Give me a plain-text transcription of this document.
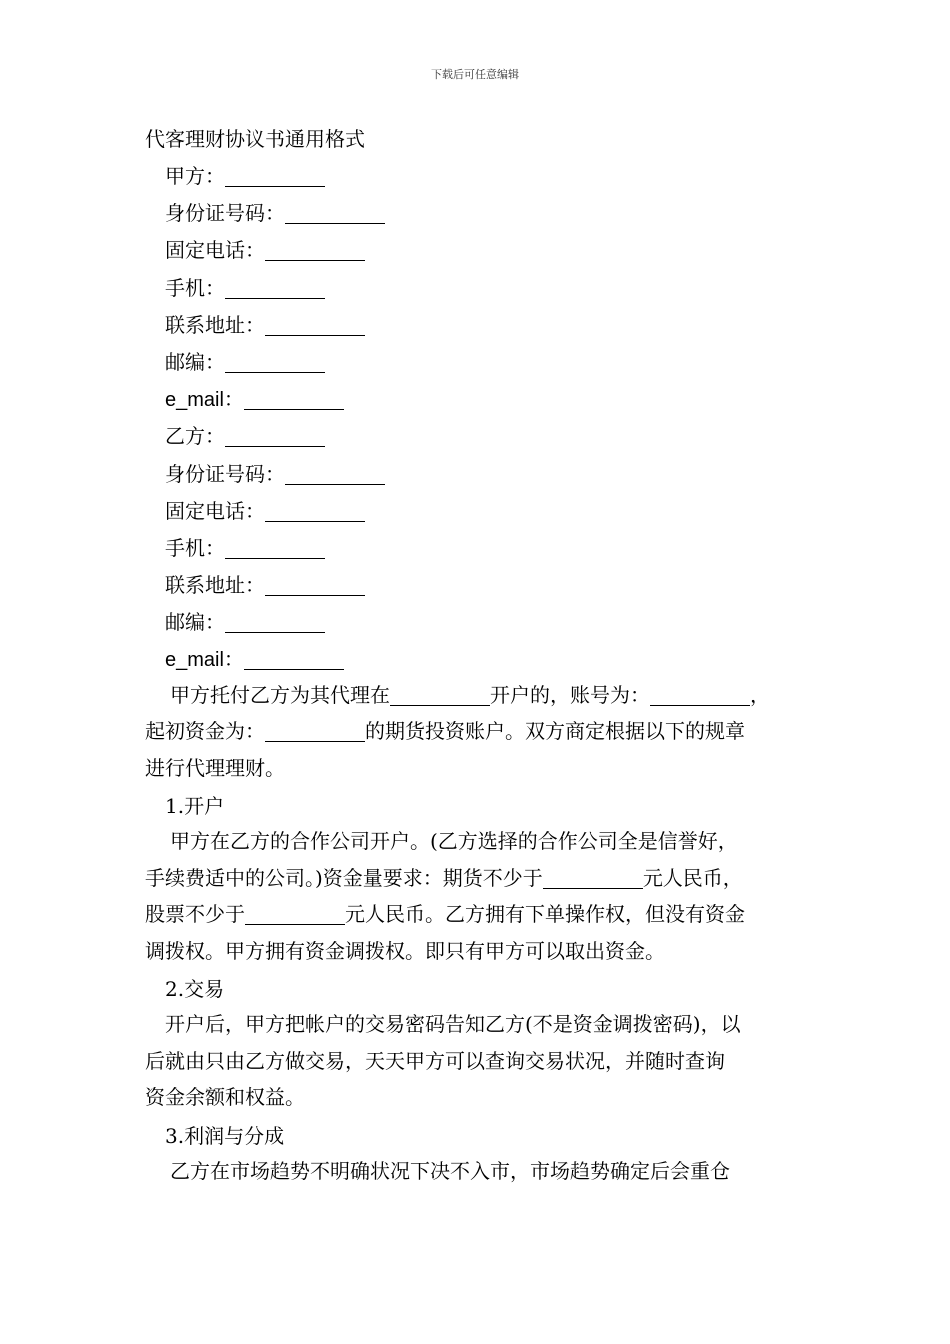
下载后可任意编辑
代客理财协议书通用格式
甲方：
身份证号码：
固定电话：
手机：
联系地址：
邮编：
e_mail：
乙方：
身份证号码：
固定电话：
手机：
联系地址：
邮编：
e_mail：
甲方托付乙方为其代理在	开户的，账号为：	，
起初资金为：	的期货投资账户。双方商定根据以下的规章
进行代理理财。
1.开户
甲方在乙方的合作公司开户。(乙方选择的合作公司全是信誉好，
手续费适中的公司。)资金量要求：期货不少于	元人民币，
股票不少于	元人民币。乙方拥有下单操作权，但没有资金
调拨权。甲方拥有资金调拨权。即只有甲方可以取出资金。
2.交易
开户后，甲方把帐户的交易密码告知乙方(不是资金调拨密码)，以
后就由只由乙方做交易，天天甲方可以查询交易状况，并随时查询
资金余额和权益。
3.利润与分成
乙方在市场趋势不明确状况下决不入市，市场趋势确定后会重仓
